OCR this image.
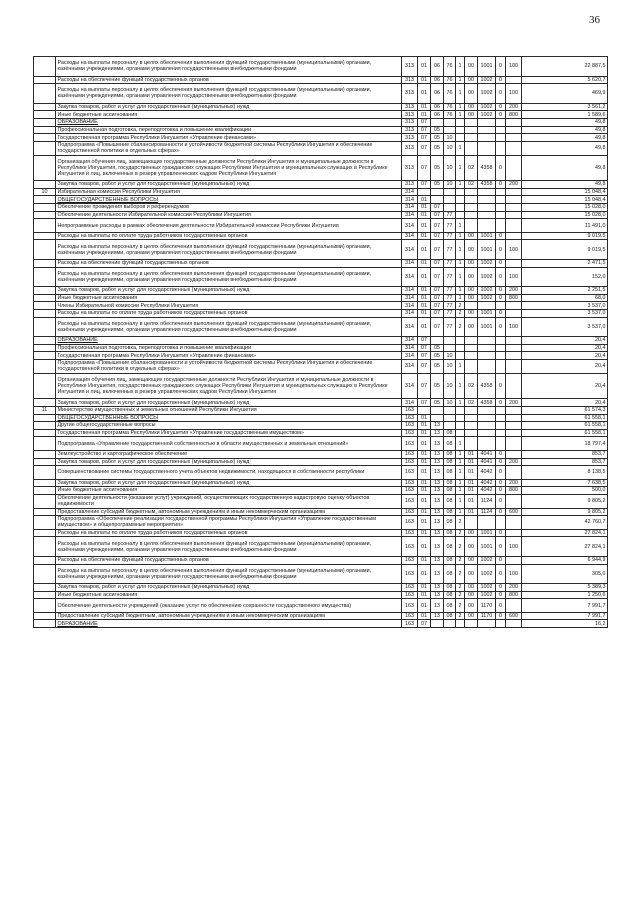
36
	Расходы на выплаты персоналу в целях обеспечения выполнения функций государственными (муниципальными) органами, казёнными учреждениями, органами управления государственными внебюджетными фондами	313	01	06	76	1	00	1001	0	100	22 887,5
	Расходы на обеспечение функций государственных органов	313	01	06	76	1	00	1002	0		5 620,7
	Расходы на выплаты персоналу в целях обеспечения выполнения функций государственными (муниципальными) органами, казёнными учреждениями, органами управления государственными внебюджетными фондами	313	01	06	76	1	00	1002	0	100	469,9
	Закупка товаров, работ и услуг для государственных (муниципальных) нужд	313	01	06	76	1	00	1002	0	200	3 561,2
	Иные бюджетные ассигнования	313	01	06	76	1	00	1002	0	800	1 589,6
	ОБРАЗОВАНИЕ	313	07								49,8
	Профессиональная подготовка, переподготовка и повышение квалификации	313	07	05							49,8
	Государственная программа Республики Ингушетия «Управление финансами»	313	07	05	10						49,8
	Подпрограмма «Повышение сбалансированности и устойчивости бюджетной системы Республики Ингушетия и обеспечение государственной политики в отдельных сферах»	313	07	05	10	1					49,8
	Организация обучения лиц, замещающих государственные должности Республики Ингушетия и муниципальные должности в Республике Ингушетия, государственных гражданских служащих Республики Ингушетия и муниципальных служащих в Республике Ингушетия и лиц, включенных в резерв управленческих кадров Республики Ингушетия	313	07	05	10	1	02	4358	0		49,8
	Закупка товаров, работ и услуг для государственных (муниципальных) нужд	313	07	05	10	1	02	4358	0	200	49,8
10	Избирательная комиссия Республики Ингушетия	314									15 048,4
	ОБЩЕГОСУДАРСТВЕННЫЕ ВОПРОСЫ	314	01								15 048,4
	Обеспечение проведения выборов и референдумов	314	01	07							15 028,0
	Обеспечение деятельности Избирательной комиссии Республики Ингушетия	314	01	07	77						15 028,0
	Непрограммные расходы в рамках обеспечения деятельности Избирательной комиссии Республики Ингушетия	314	01	07	77	1					11 491,0
	Расходы на выплаты по оплате труда работников государственных органов	314	01	07	77	1	00	1001	0		9 019,5
	Расходы на выплаты персоналу в целях обеспечения выполнения функций государственными (муниципальными) органами, казёнными учреждениями, органами управления государственными внебюджетными фондами	314	01	07	77	1	00	1001	0	100	9 019,5
	Расходы на обеспечение функций государственных органов	314	01	07	77	1	00	1002	0		2 471,5
	Расходы на выплаты персоналу в целях обеспечения выполнения функций государственными (муниципальными) органами, казёнными учреждениями, органами управления государственными внебюджетными фондами	314	01	07	77	1	00	1002	0	100	152,0
	Закупка товаров, работ и услуг для государственных (муниципальных) нужд	314	01	07	77	1	00	1002	0	200	2 251,5
	Иные бюджетные ассигнования	314	01	07	77	1	00	1002	0	800	68,0
	Члены Избирательной комиссии Республики Ингушетия	314	01	07	77	2					3 537,0
	Расходы на выплаты по оплате труда работников государственных органов	314	01	07	77	2	00	1001	0		3 537,0
	Расходы на выплаты персоналу в целях обеспечения выполнения функций государственными (муниципальными) органами, казёнными учреждениями, органами управления государственными внебюджетными фондами	314	01	07	77	2	00	1001	0	100	3 537,0
	ОБРАЗОВАНИЕ	314	07								20,4
	Профессиональная подготовка, переподготовка и повышение квалификации	314	07	05							20,4
	Государственная программа Республики Ингушетия «Управление финансами»	314	07	05	10						20,4
	Подпрограмма «Повышение сбалансированности и устойчивости бюджетной системы Республики Ингушетия и обеспечение государственной политики в отдельных сферах»	314	07	05	10	1					20,4
	Организация обучения лиц, замещающих государственные должности Республики Ингушетия и муниципальные должности в Республике Ингушетия, государственных гражданских служащих Республики Ингушетия и муниципальных служащих в Республике Ингушетия и лиц, включенных в резерв управленческих кадров Республики Ингушетия	314	07	05	10	1	02	4358	0		20,4
	Закупка товаров, работ и услуг для государственных (муниципальных) нужд	314	07	05	10	1	02	4358	0	200	20,4
11	Министерство имущественных и земельных отношений Республики Ингушетия	163									61 574,3
	ОБЩЕГОСУДАРСТВЕННЫЕ ВОПРОСЫ	163	01								61 558,1
	Другие общегосударственные вопросы	163	01	13							61 558,1
	Государственная программа Республики Ингушетия «Управление государственным имуществом»	163	01	13	08						61 558,1
	Подпрограмма «Управление государственной собственностью в области имущественных и земельных отношений»	163	01	13	08	1					18 797,4
	Землеустройство и картографическое обеспечение	163	01	13	08	1	01	4041	0		853,7
	Закупка товаров, работ и услуг для государственных (муниципальных) нужд	163	01	13	08	1	01	4041	0	200	853,7
	Совершенствование системы государственного учета объектов недвижимости, находящихся в собственности республики	163	01	13	08	1	01	4042	0		8 138,5
	Закупка товаров, работ и услуг для государственных (муниципальных) нужд	163	01	13	08	1	01	4042	0	200	7 638,5
	Иные бюджетные ассигнования	163	01	13	08	1	01	4042	0	800	500,0
	Обеспечение деятельности (оказание услуг) учреждений, осуществляющих государственную кадастровую оценку объектов недвижимости	163	01	13	08	1	01	1124	0		9 805,2
	Предоставление субсидий бюджетным, автономным учреждениям и иным некоммерческим организациям	163	01	13	08	1	01	1124	0	600	9 805,2
	Подпрограмма «Обеспечение реализации государственной программы Республики Ингушетия «Управление государственным имуществом» и общепрограммные мероприятия»	163	01	13	08	2					42 760,7
	Расходы на выплаты по оплате труда работников государственных органов	163	01	13	08	2	00	1001	0		27 824,1
	Расходы на выплаты персоналу в целях обеспечения выполнения функций государственными (муниципальными) органами, казёнными учреждениями, органами управления государственными внебюджетными фондами	163	01	13	08	2	00	1001	0	100	27 824,1
	Расходы на обеспечение функций государственных органов	163	01	13	08	2	00	1002	0		6 944,9
	Расходы на выплаты персоналу в целях обеспечения выполнения функций государственными (муниципальными) органами, казёнными учреждениями, органами управления государственными внебюджетными фондами	163	01	13	08	2	00	1002	0	100	305,0
	Закупка товаров, работ и услуг для государственных (муниципальных) нужд	163	01	13	08	2	00	1002	0	200	5 389,3
	Иные бюджетные ассигнования	163	01	13	08	2	00	1002	0	800	1 250,6
	Обеспечение деятельности учреждений (оказание услуг по обеспечению сохранности государственного имущества)	163	01	13	08	2	00	1170	0		7 991,7
	Предоставление субсидий бюджетным, автономным учреждениям и иным некоммерческим организациям	163	01	13	08	2	00	1170	0	600	7 991,7
	ОБРАЗОВАНИЕ	163	07								16,2
